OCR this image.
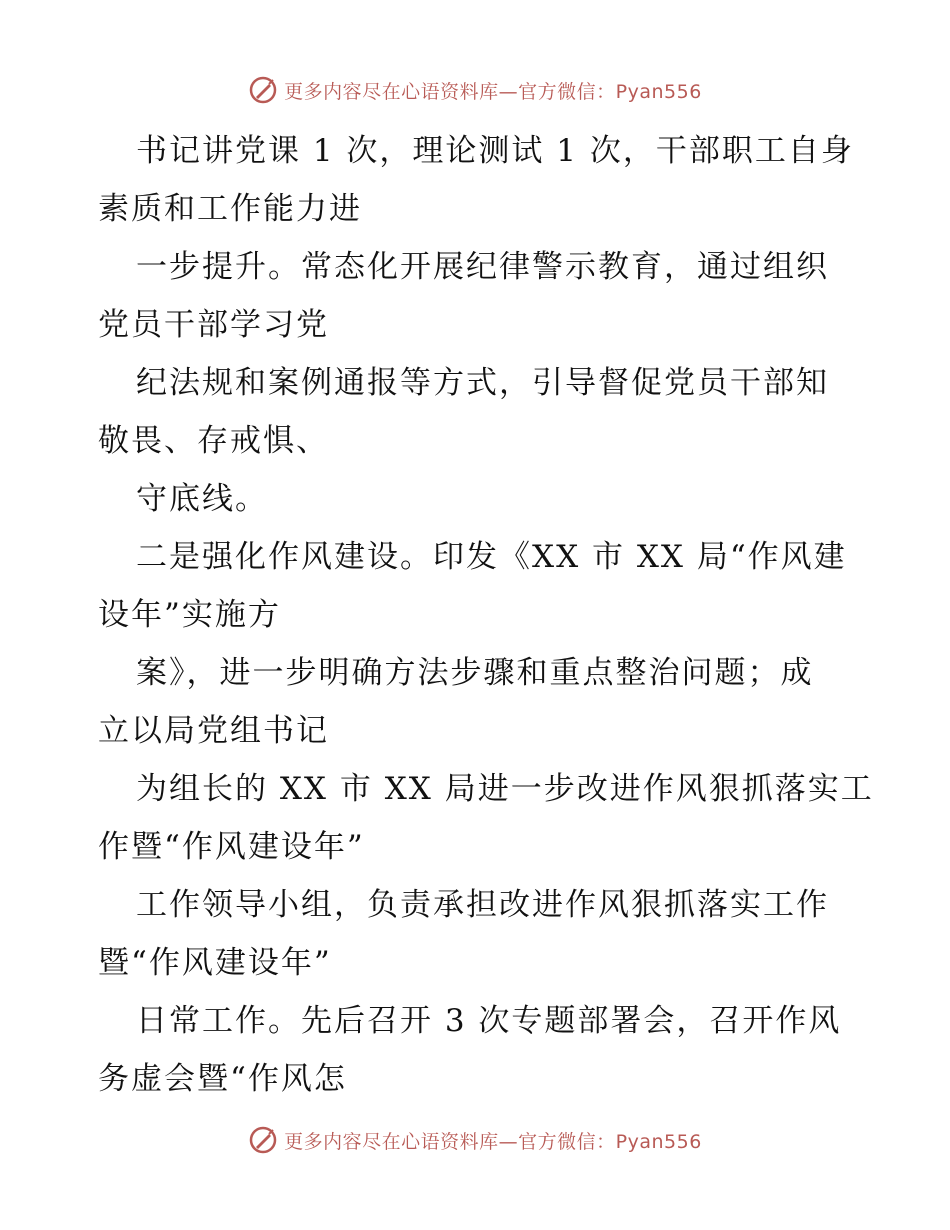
更多内容尽在心语资料库—官方微信：Pyan556
书记讲党课 1 次，理论测试 1 次，干部职工自身
素质和工作能力进
一步提升。常态化开展纪律警示教育，通过组织
党员干部学习党
纪法规和案例通报等方式，引导督促党员干部知
敬畏、存戒惧、
守底线。
二是强化作风建设。印发《XX 市 XX 局“作风建
设年”实施方
案》，进一步明确方法步骤和重点整治问题；成
立以局党组书记
为组长的 XX 市 XX 局进一步改进作风狠抓落实工
作暨“作风建设年”
工作领导小组，负责承担改进作风狠抓落实工作
暨“作风建设年”
日常工作。先后召开 3 次专题部署会，召开作风
务虚会暨“作风怎
更多内容尽在心语资料库—官方微信：Pyan556
